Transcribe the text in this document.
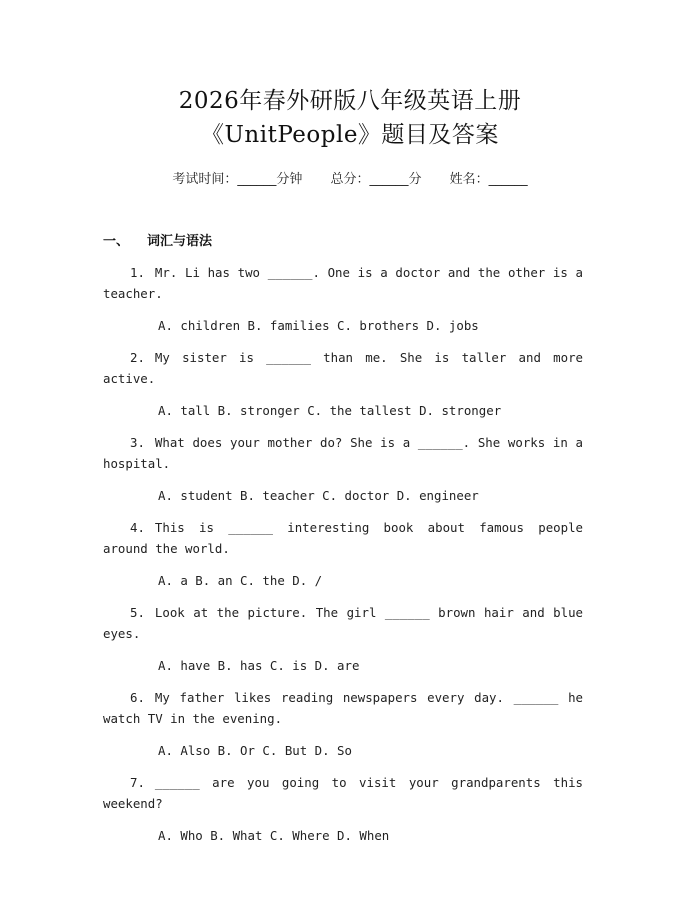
2026年春外研版八年级英语上册
《UnitPeople》题目及答案
考试时间：______分钟 总分：______分 姓名：______
一、 词汇与语法
1. Mr. Li has two ______. One is a doctor and the other is a teacher.
A. children B. families C. brothers D. jobs
2. My sister is ______ than me. She is taller and more active.
A. tall B. stronger C. the tallest D. stronger
3. What does your mother do? She is a ______. She works in a hospital.
A. student B. teacher C. doctor D. engineer
4. This is ______ interesting book about famous people around the world.
A. a B. an C. the D. /
5. Look at the picture. The girl ______ brown hair and blue eyes.
A. have B. has C. is D. are
6. My father likes reading newspapers every day. ______ he watch TV in the evening.
A. Also B. Or C. But D. So
7. ______ are you going to visit your grandparents this weekend?
A. Who B. What C. Where D. When
